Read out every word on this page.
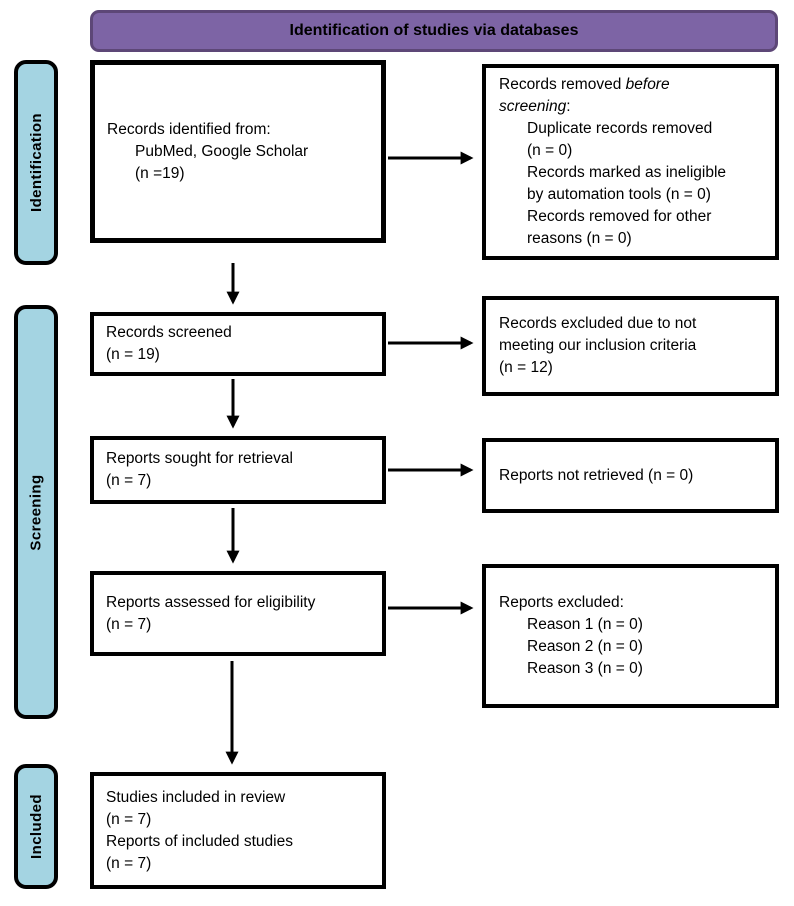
Identification of studies via databases
Identification
Screening
Included
Records identified from:
PubMed, Google Scholar
(n =19)
Records removed before
screening:
Duplicate records removed
(n = 0)
Records marked as ineligible
by automation tools (n = 0)
Records removed for other
reasons (n = 0)
Records screened
(n = 19)
Records excluded due to not
meeting our inclusion criteria
(n = 12)
Reports sought for retrieval
(n = 7)	Reports not retrieved (n = 0)
Reports assessed for eligibility
(n = 7)
Reports excluded:
Reason 1 (n = 0)
Reason 2 (n = 0)
Reason 3 (n = 0)
Studies included in review
(n = 7)
Reports of included studies
(n = 7)
